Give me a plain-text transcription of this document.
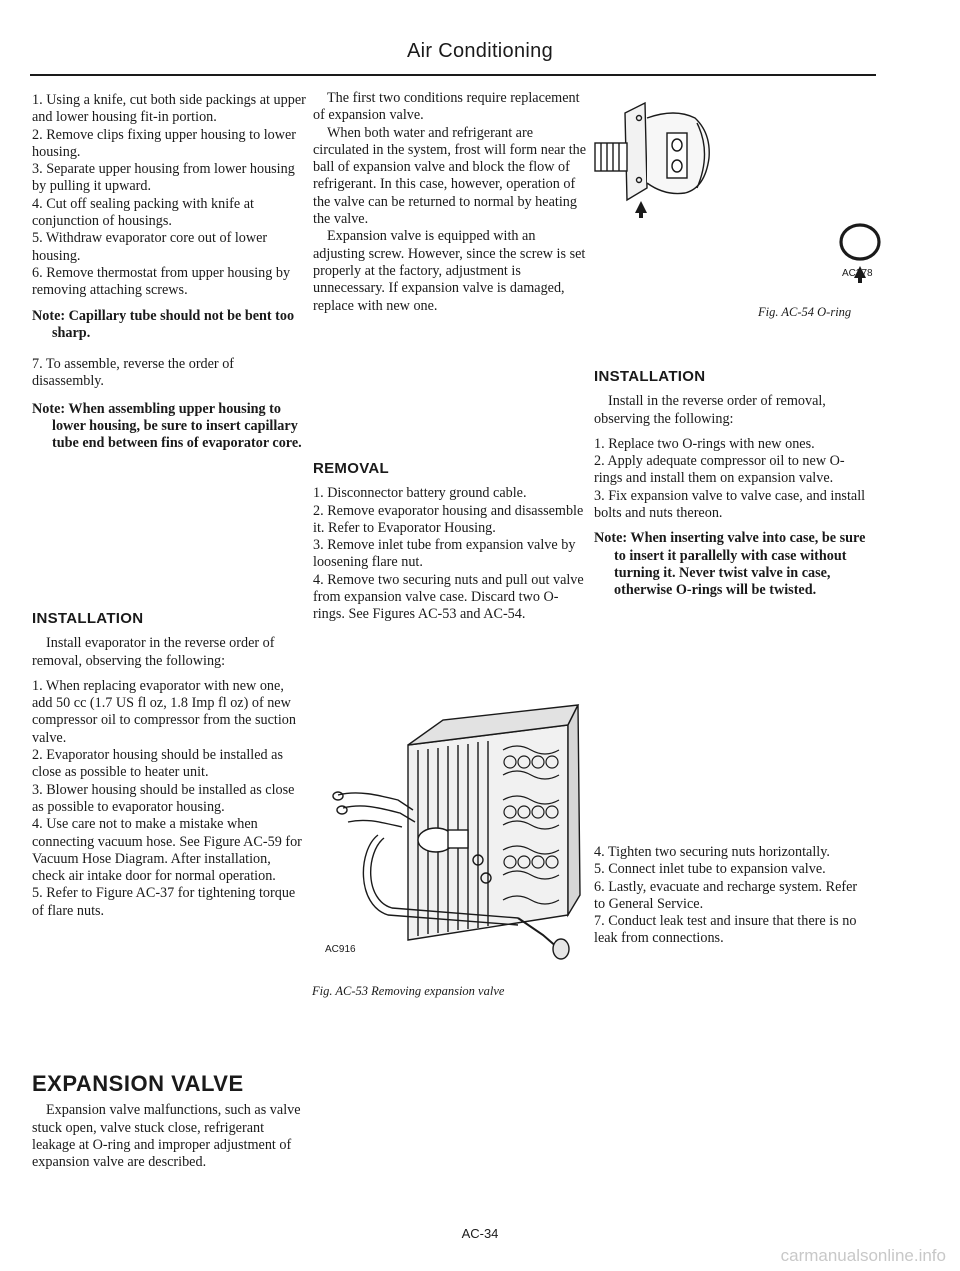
Air Conditioning

1. Using a knife, cut both side packings at upper and lower housing fit-in portion.

2. Remove clips fixing upper housing to lower housing.

3. Separate upper housing from lower housing by pulling it upward.

4. Cut off sealing packing with knife at conjunction of housings.

5. Withdraw evaporator core out of lower housing.

6. Remove thermostat from upper housing by removing attaching screws.

Note: Capillary tube should not be bent too sharp.

7. To assemble, reverse the order of disassembly.

Note: When assembling upper housing to lower housing, be sure to insert capillary tube end between fins of evaporator core.

INSTALLATION

Install evaporator in the reverse order of removal, observing the following:

1. When replacing evaporator with new one, add 50 cc (1.7 US fl oz, 1.8 Imp fl oz) of new compressor oil to compressor from the suction valve.

2. Evaporator housing should be installed as close as possible to heater unit.

3. Blower housing should be installed as close as possible to evaporator housing.

4. Use care not to make a mistake when connecting vacuum hose. See Figure AC-59 for Vacuum Hose Diagram. After installation, check air intake door for normal operation.

5. Refer to Figure AC-37 for tightening torque of flare nuts.

EXPANSION VALVE

Expansion valve malfunctions, such as valve stuck open, valve stuck close, refrigerant leakage at O-ring and improper adjustment of expansion valve are described.

The first two conditions require replacement of expansion valve.

When both water and refrigerant are circulated in the system, frost will form near the ball of expansion valve and block the flow of refrigerant. In this case, however, operation of the valve can be returned to normal by heating the valve.

Expansion valve is equipped with an adjusting screw. However, since the screw is set properly at the factory, adjustment is unnecessary. If expansion valve is damaged, replace with new one.

REMOVAL

1. Disconnector battery ground cable.

2. Remove evaporator housing and disassemble it. Refer to Evaporator Housing.

3. Remove inlet tube from expansion valve by loosening flare nut.

4. Remove two securing nuts and pull out valve from expansion valve case. Discard two O-rings. See Figures AC-53 and AC-54.

AC916
Fig. AC-53 Removing expansion valve
AC278
Fig. AC-54 O-ring
INSTALLATION

Install in the reverse order of removal, observing the following:

1. Replace two O-rings with new ones.

2. Apply adequate compressor oil to new O-rings and install them on expansion valve.

3. Fix expansion valve to valve case, and install bolts and nuts thereon.

Note: When inserting valve into case, be sure to insert it parallelly with case without turning it. Never twist valve in case, otherwise O-rings will be twisted.

4. Tighten two securing nuts horizontally.

5. Connect inlet tube to expansion valve.

6. Lastly, evacuate and recharge system. Refer to General Service.

7. Conduct leak test and insure that there is no leak from connections.

AC-34
carmanualsonline.info
